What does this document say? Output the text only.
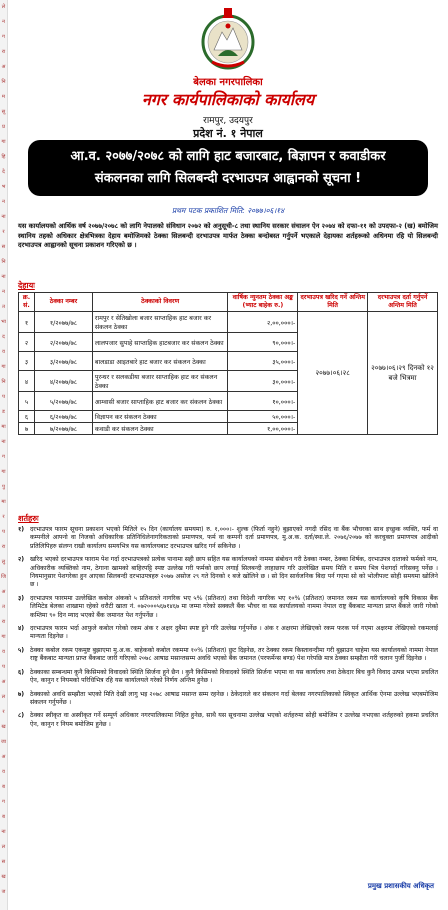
ले
न
ग
रा
अ
नि
म
सू
प्र
गा
हि
दे
भ
न
ना
र
स
नि
ना
न
त
भा
द
व
गा
नि
प
ड
मा
ना
ग
गा
पु
मा
र
प
रा
लु
जि
अ
त
रा
गा
व
प
अ
ल
र
ख
जा
अ
व
ब
ग
ब
ना
ल
स
ख
ज
बेलका नगरपालिका
नगर कार्यपालिकाको कार्यालय
रामपुर, उदयपुर
प्रदेश नं. १ नेपाल
आ.व. २०७७/२०७८ को लागि हाट बजारबाट, बिज्ञापन र कवाडीकर
संकलनका लागि सिलबन्दी दरभाउपत्र आह्वानको सूचना !
प्रथम पटक प्रकाशित मिति: २०७७।०६।१४
यस कार्यालयको आर्थिक वर्ष २०७७/२०७८ को लागि नेपालको संविधान २०७२ को अनुसूची-८ तथा स्थानिय सरकार संचालन ऐन २०७४ को दफा-११ को उपदफा-२ (ख) बमोजिम स्थानिय तहको अधिकार क्षेत्रभित्रका देहाय बमोजिमको ठेक्का सिलबन्दी दरभाउपत्र मार्फत ठेक्का बन्दोबस्त गर्नुपर्ने भएकाले देहायका शर्तहरूको अधिनमा रहि यो सिलबन्दी दरभाउपत्र आह्वानको सूचना प्रकाशन गरिएको छ ।
देहायः
क्र. सं.	ठेक्का नम्बर	ठेक्काको विवरण	वार्षिक न्युनतम ठेक्का अङ्क (भ्याट बाहेक रु.)	दरभाउपत्र खरिद गर्ने अन्तिम मिति	दरभाउपत्र दर्ता गर्नुपर्ने अन्तिम मिति
१	१/२०७७/७८	रामपुर र सेतिखोला बजार साप्ताहिक हाट बजार कर संकलन ठेक्का	२,००,०००।-	२०७७।०६।२८	२०७७।०६।२९ दिनको १२ बजे भित्रमा
२	२/२०७७/७८	लालपजार सुपाहे साप्ताहिक हाटबजार कर संकलन ठेक्का	९०,०००।-		
३	३/२०७७/७८	बालडाडा आइतबारे हाट बजार कर संकलन ठेक्का	३५,०००।-		
४	४/२०७७/७८	पुरन्धर र सलकडीया बजार साप्ताहिक हाट कर संकलन ठेक्का	३०,०००।-		
५	५/२०७७/७८	आम्वासी बजार साप्ताहिक हाट बजार कर संकलन ठेक्का	१०,०००।-		
६	६/२०७७/७८	विज्ञापन कर संकलन ठेक्का	५०,०००।-		
७	७/२०७७/७८	कवाडी कर संकलन ठेक्का	१,००,०००।-		
शर्तहरुः
१) दरभाउपत्र फारम सूचना प्रकाशन भएको मितिले १५ दिन (कार्यालय समयमा) रु. १,०००।- शुल्क (फिर्ता नहुने) बुझाएको नगदी रसिद वा बैंक भौचरका साथ इच्छुक व्यक्ति, फर्म वा कम्पनीले आफ्नो वा निजको अधिकारिक प्रतिनिधिलेनागरिकताको प्रमाणपत्र, फर्म वा कम्पनी दर्ता प्रमाणपत्र, मु.अ.क. दर्ता/स्था.ले. २०७६/२०७७ को करचुक्ता प्रमाणपत्र आदीको प्रतिलिपिहरु संलग्न राखी कार्यालय समयभित्र यस कार्यालयबाट दरभाउपत्र खरिद गर्न सकिनेछ ।
२) खरिद भएको दरभाउपत्र फाराम पेश गर्दा दरभाउपत्रको प्रत्येक पानामा सही छाप सहित यस कार्यालयको नाममा संबोधन गरी ठेक्का नम्बर, ठेक्का शिर्षक, दरभाउपत्र दाताको फर्मको नाम, अधिकारीक व्यक्तिको नाम, ठेगाना खामको बाहिरपट्टि स्पष्ट उल्लेख गरी फर्मको छाप लगाई सिलबन्दी लाहाछाप गरि उल्लेखित समय मिति र समय भित्र पेशगर्दा गरिसक्नु पर्नेछ । नियमानुसार पेशगरेका हुन आएका सिलबन्दी दरभाउपत्रहरु २०७७ असोज २९ गते दिनको १ बजे खोलिने छ । सो दिन सार्वजनिक बिदा पर्न गएमा सो को भोलीपल्ट सोही समयमा खोलिने छ ।
३) दरभाउपत्र फारममा उल्लेखित कबोल अंकको ५ प्रतिशतले नागरिक भए ५% (प्रतिशत) तथा विदेशी नागरिक भए १०% (प्रतिशत) जमानत रकम यस कार्यालयको कृषि विकास बैंक लिमिटेड बेलका शाखामा रहेको धरौटी खाता नं. ०७२०००५६७१४६७ मा जम्मा गरेको सक्कलै बैंक भौचर वा यस कार्यालयको नाममा नेपाल राष्ट्र बैंकबाट मान्यता प्राप्त बैंकले जारी गरेको कम्तिमा ९० दिन म्याद भएको बैंक जमानत पेश गर्नुपर्नेछ ।
४) दरभाउपत्र फारम भर्दा आफुले कबोल गरेको रकम अंक र अक्षर दुबैमा स्पष्ट हुने गरि उल्लेख गर्नुपर्नेछ । अंक र अक्षरमा लेखिएको रकम फरक पर्न गएमा अक्षरमा लेखिएको रकमलाई मान्यता दिइनेछ ।
५) ठेक्का कबोल रकम एकमुष्ट बुझाएमा मु.अ.क. बाहेकको कबोल रकममा १०% (प्रतिशत) छुट दिइनेछ, तर ठेक्का रकम किस्तावन्दीमा गरी बुझाउन चाहेमा यस कार्यालयको नाममा नेपाल राष्ट्र बैंकबाट मान्यता प्राप्त बैंकबाट जारी गरिएको २०७८ आषाढ मसान्तसम्म अवधि भएको बैंक जमानत (परफर्मेन्स बण्ड) पेश गरेपछि मात्र ठेक्का सम्झौता गरी चलान पुर्जी दिइनेछ ।
६) ठेक्काका सम्बन्धमा कुनै किसिमको विवादको स्थिति सिर्जना हुने छैन । कुनै किसिमको विवादको स्थिति सिर्जना भएमा वा यस कार्यालय तथा ठेकेदार बिच कुनै विवाद उत्पन्न भएमा प्रचलित ऐन, कानुन र नियमको परिधिभित्र रहि यस कार्यालयले गरेको निर्णय अन्तिम हुनेछ ।
७) ठेक्काको अवधि सम्झौता भएको मिति देखी लागु भइ २०७८ आषाढ मसान्त सम्म रहनेछ । ठेकेदारले कर संकलन गर्दा बेलका नगरपालिकाको स्विकृत आर्थिक ऐनमा उल्लेख भएबमोजिम संकलन गर्नुपर्नेछ ।
८) ठेक्का स्वीकृत वा अस्वीकृत गर्ने सम्पूर्ण अधिकार नगरपालिकामा निहित हुनेछ, साथै यस सूचनामा उल्लेख भएको शर्तहरुमा सोही बमोजिम र उल्लेख नभएका शर्तहरुको हकमा प्रचलित ऐन, कानुन र नियम बमोजिम हुनेछ ।
प्रमुख प्रशासकीय अधिकृत
